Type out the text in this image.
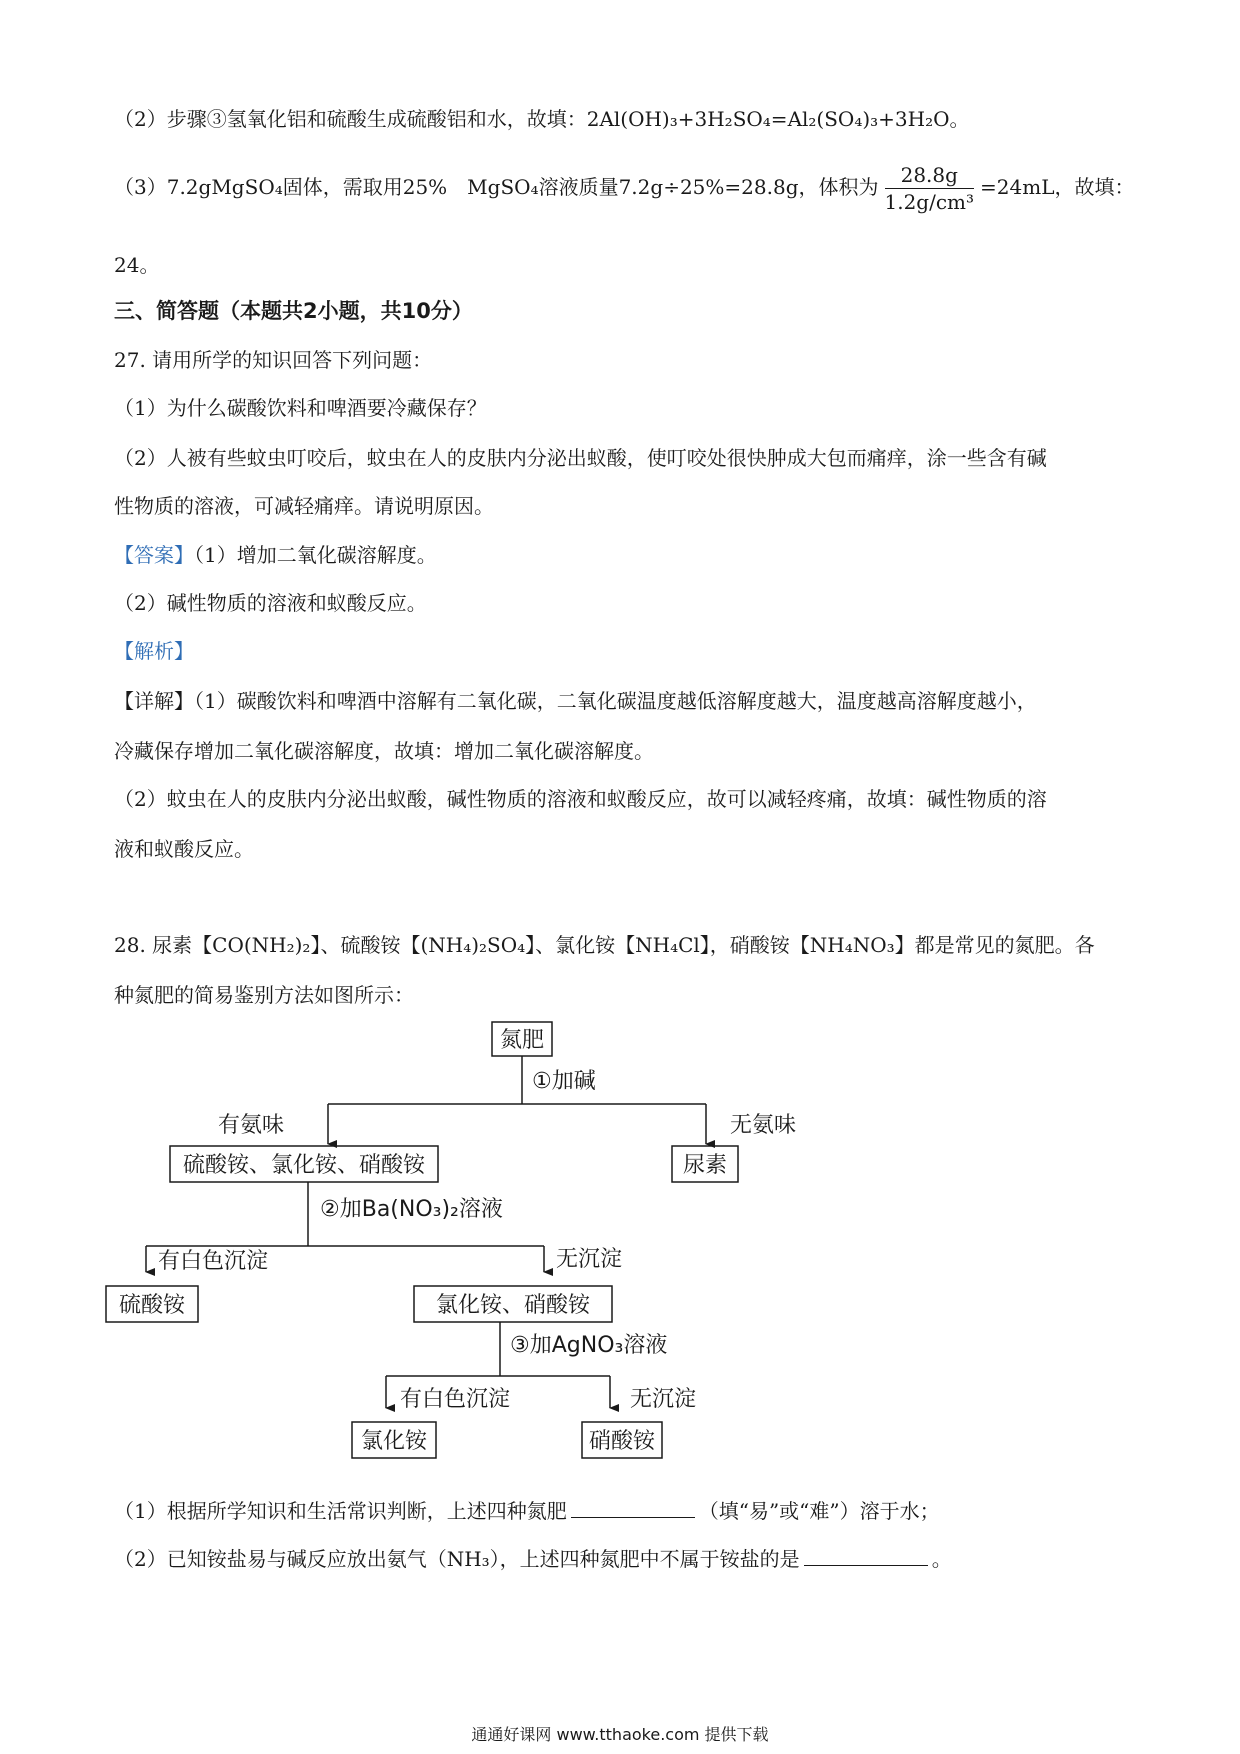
（2）步骤③氢氧化铝和硫酸生成硫酸铝和水，故填：2Al(OH)₃+3H₂SO₄=Al₂(SO₄)₃+3H₂O。
（3）7.2gMgSO₄固体，需取用25%　MgSO₄溶液质量7.2g÷25%=28.8g，体积为 $\frac{28.8g}{\text{1.2g/cm³}} =24mL$，故填：
24。
三、简答题（本题共2小题，共10分）
27. 请用所学的知识回答下列问题：
（1）为什么碳酸饮料和啤酒要冷藏保存？
（2）人被有些蚊虫叮咬后，蚊虫在人的皮肤内分泌出蚁酸，使叮咬处很快肿成大包而痛痒，涂一些含有碱
性物质的溶液，可减轻痛痒。请说明原因。
【答案】（1）增加二氧化碳溶解度。
（2）碱性物质的溶液和蚁酸反应。
【解析】
【详解】（1）碳酸饮料和啤酒中溶解有二氧化碳，二氧化碳温度越低溶解度越大，温度越高溶解度越小，
冷藏保存增加二氧化碳溶解度，故填：增加二氧化碳溶解度。
（2）蚊虫在人的皮肤内分泌出蚁酸，碱性物质的溶液和蚁酸反应，故可以减轻疼痛，故填：碱性物质的溶
液和蚁酸反应。
28. 尿素【CO(NH₂)₂】、硫酸铵【(NH₄)₂SO₄】、氯化铵【NH₄Cl】，硝酸铵【NH₄NO₃】都是常见的氮肥。各
种氮肥的简易鉴别方法如图所示：
氮肥
①加碱
有氨味	无氨味
硫酸铵、氯化铵、硝酸铵	尿素
②加Ba(NO₃)₂溶液
有白色沉淀	无沉淀
硫酸铵	氯化铵、硝酸铵
③加AgNO₃溶液
有白色沉淀	无沉淀
氯化铵	硝酸铵
（1）根据所学知识和生活常识判断，上述四种氮肥	（填“易”或“难”）溶于水；
（2）已知铵盐易与碱反应放出氨气（NH₃），上述四种氮肥中不属于铵盐的是	。
通通好课网 www.tthaoke.com 提供下载
